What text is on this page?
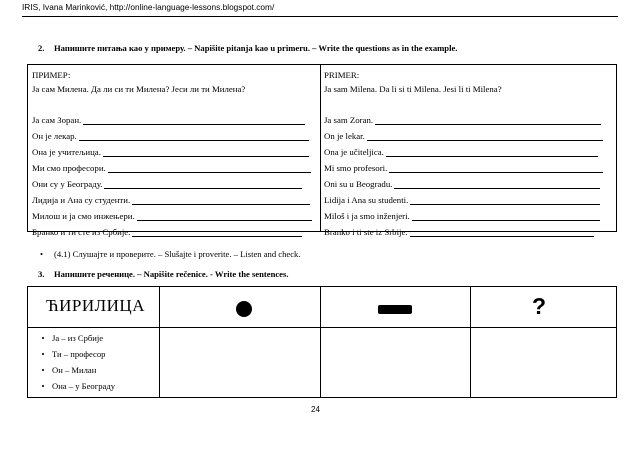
IRIS, Ivana Marinković, http://online-language-lessons.blogspot.com/
2. Напишите питања као у примеру. – Napišite pitanja kao u primeru. – Write the questions as in the example.
ПРИМЕР:
Ја сам Милена. Да ли си ти Милена? Јеси ли ти Милена?
Ја сам Зоран.
Он је лекар.
Она је учитељица.
Ми смо професори.
Они су у Београду.
Лидија и Ана су студенти.
Милош и ја смо инжењери.
Бранко и ти сте из Србије.
PRIMER:
Ja sam Milena. Da li si ti Milena. Jesi li ti Milena?
Ja sam Zoran.
On je lekar.
Ona je učiteljica.
Mi smo profesori.
Oni su u Beogradu.
Lidija i Ana su studenti.
Miloš i ja smo inženjeri.
Branko i ti ste iz Srbije.
• (4.1) Слушајте и проверите. – Slušajte i proverite. – Listen and check.
3. Напишите реченице. – Napišite rečenice. - Write the sentences.
ЋИРИЛИЦА	?
• Ја – из Србије
• Ти – професор
• Он – Милан
• Она – у Београду
24
